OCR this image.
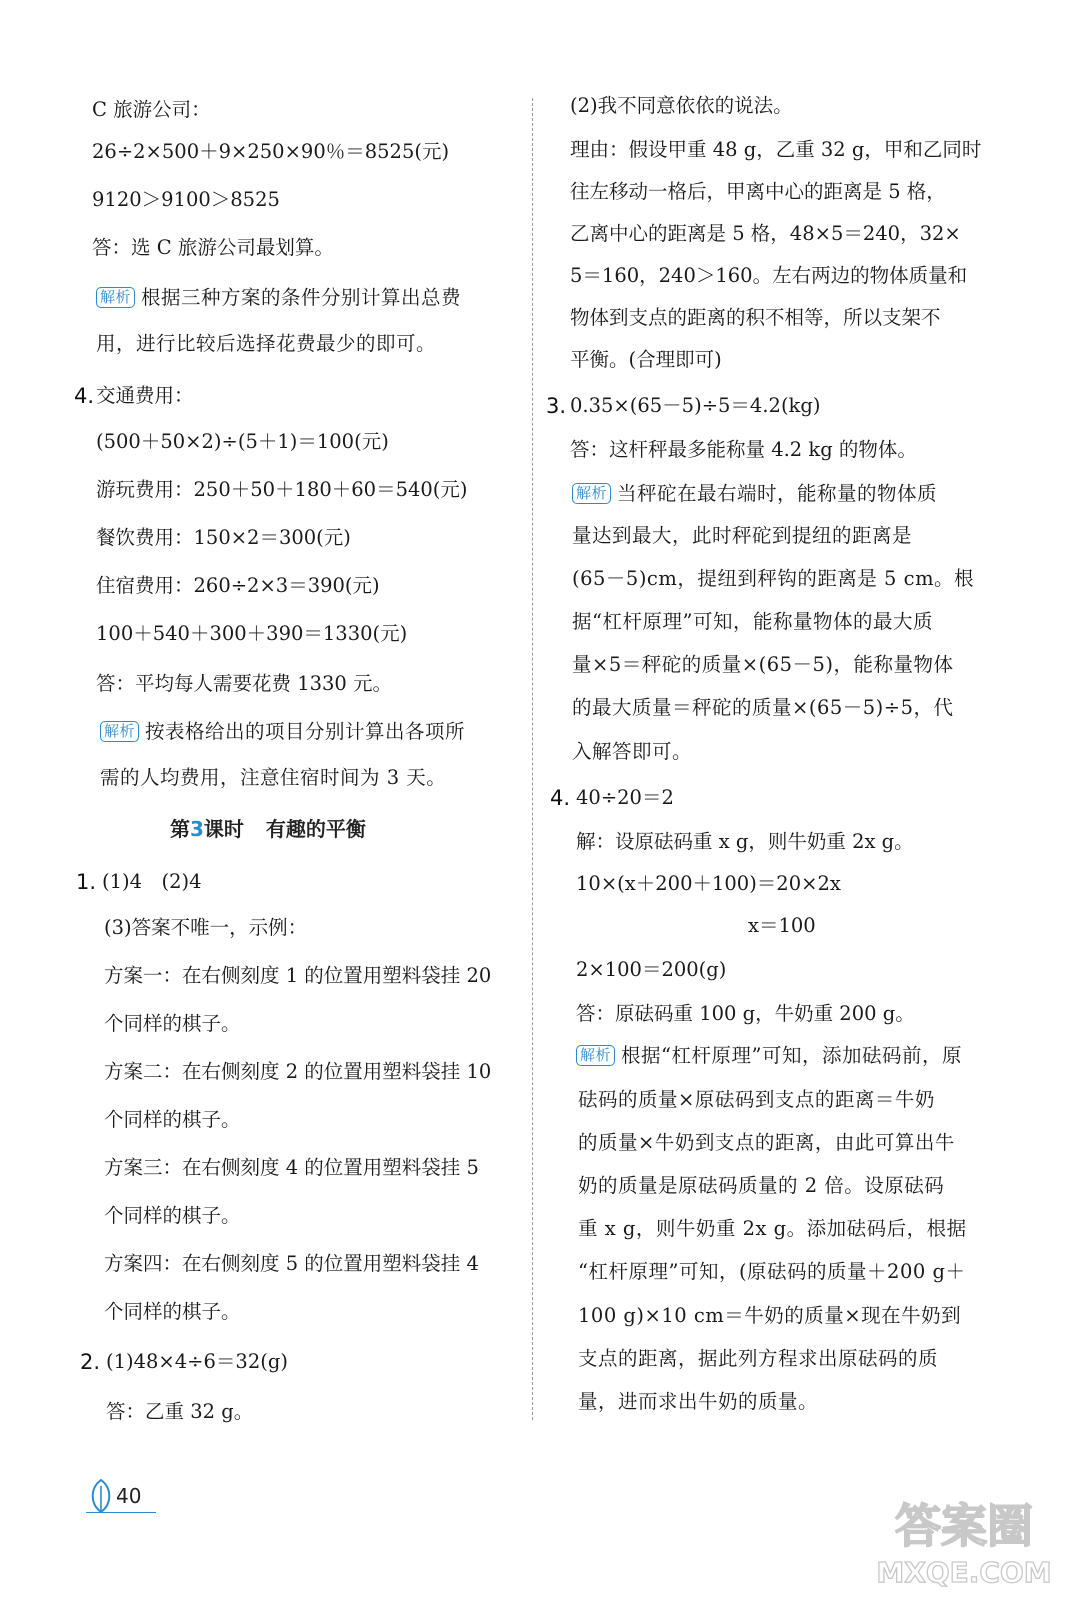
C 旅游公司：
26÷2×500＋9×250×90％＝8525(元)
9120＞9100＞8525
答：选 C 旅游公司最划算。
解析 根据三种方案的条件分别计算出总费
用，进行比较后选择花费最少的即可。
4. 交通费用：
(500＋50×2)÷(5＋1)＝100(元)
游玩费用：250＋50＋180＋60＝540(元)
餐饮费用：150×2＝300(元)
住宿费用：260÷2×3＝390(元)
100＋540＋300＋390＝1330(元)
答：平均每人需要花费 1330 元。
解析 按表格给出的项目分别计算出各项所
需的人均费用，注意住宿时间为 3 天。
第3课时 有趣的平衡
1. (1)4　(2)4
(3)答案不唯一，示例：
方案一：在右侧刻度 1 的位置用塑料袋挂 20
个同样的棋子。
方案二：在右侧刻度 2 的位置用塑料袋挂 10
个同样的棋子。
方案三：在右侧刻度 4 的位置用塑料袋挂 5
个同样的棋子。
方案四：在右侧刻度 5 的位置用塑料袋挂 4
个同样的棋子。
2. (1)48×4÷6＝32(g)
答：乙重 32 g。
(2)我不同意依依的说法。
理由：假设甲重 48 g，乙重 32 g，甲和乙同时
往左移动一格后，甲离中心的距离是 5 格，
乙离中心的距离是 5 格，48×5＝240，32×
5＝160，240＞160。左右两边的物体质量和
物体到支点的距离的积不相等，所以支架不
平衡。(合理即可)
3. 0.35×(65－5)÷5＝4.2(kg)
答：这杆秤最多能称量 4.2 kg 的物体。
解析 当秤砣在最右端时，能称量的物体质
量达到最大，此时秤砣到提纽的距离是
(65－5)cm，提纽到秤钩的距离是 5 cm。根
据“杠杆原理”可知，能称量物体的最大质
量×5＝秤砣的质量×(65－5)，能称量物体
的最大质量＝秤砣的质量×(65－5)÷5，代
入解答即可。
4. 40÷20＝2
解：设原砝码重 x g，则牛奶重 2x g。
10×(x＋200＋100)＝20×2x
x＝100
2×100＝200(g)
答：原砝码重 100 g，牛奶重 200 g。
解析 根据“杠杆原理”可知，添加砝码前，原
砝码的质量×原砝码到支点的距离＝牛奶
的质量×牛奶到支点的距离，由此可算出牛
奶的质量是原砝码质量的 2 倍。设原砝码
重 x g，则牛奶重 2x g。添加砝码后，根据
“杠杆原理”可知，(原砝码的质量＋200 g＋
100 g)×10 cm＝牛奶的质量×现在牛奶到
支点的距离，据此列方程求出原砝码的质
量，进而求出牛奶的质量。
40
答案圈
MXQE.COM
